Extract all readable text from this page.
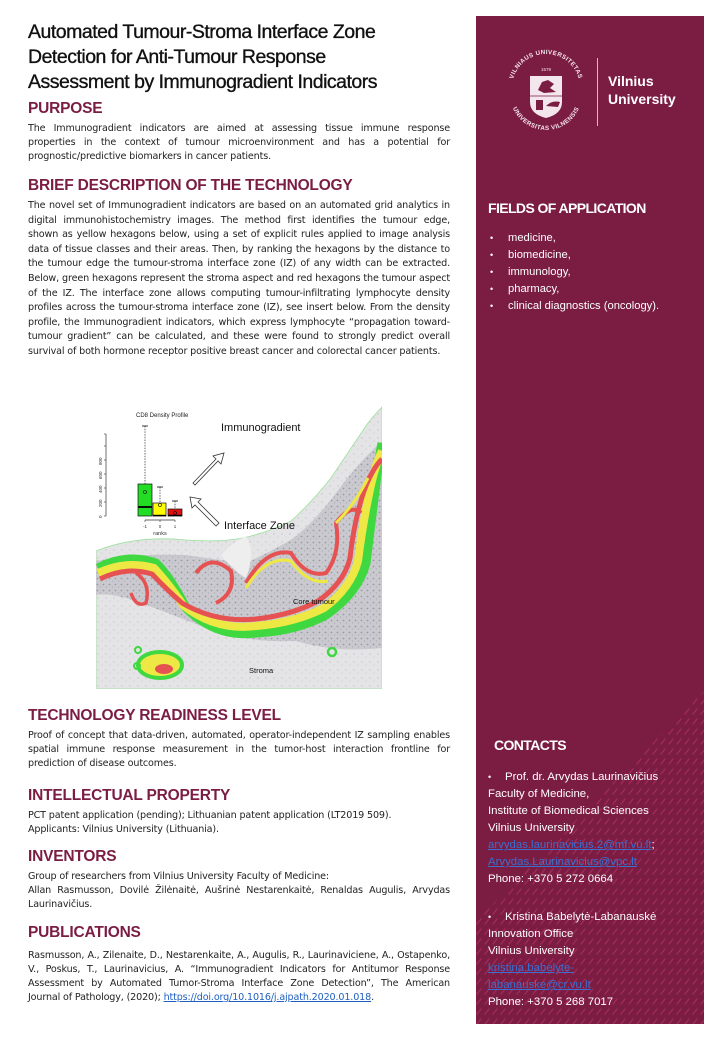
Automated Tumour-Stroma Interface Zone
Detection for Anti-Tumour Response
Assessment by Immunogradient Indicators
PURPOSE
The Immunogradient indicators are aimed at assessing tissue immune response properties in the context of tumour microenvironment and has a potential for prognostic/predictive biomarkers in cancer patients.
BRIEF DESCRIPTION OF THE TECHNOLOGY
The novel set of Immunogradient indicators are based on an automated grid analytics in digital immunohistochemistry images. The method first identifies the tumour edge, shown as yellow hexagons below, using a set of explicit rules applied to image analysis data of tissue classes and their areas. Then, by ranking the hexagons by the distance to the tumour edge the tumour-stroma interface zone (IZ) of any width can be extracted. Below, green hexagons represent the stroma aspect and red hexagons the tumour aspect of the IZ. The interface zone allows computing tumour-infiltrating lymphocyte density profiles across the tumour-stroma interface zone (IZ), see insert below. From the density profile, the Immunogradient indicators, which express lymphocyte “propagation toward-tumour gradient” can be calculated, and these were found to strongly predict overall survival of both hormone receptor positive breast cancer and colorectal cancer patients.
CD8 Density Profile
0
200
400
600
800
-1	0	1
ranks
Immunogradient
Interface Zone
Core tumour
Stroma
TECHNOLOGY READINESS LEVEL
Proof of concept that data-driven, automated, operator-independent IZ sampling enables spatial immune response measurement in the tumor-host interaction frontline for prediction of disease outcomes.
INTELLECTUAL PROPERTY
PCT patent application (pending); Lithuanian patent application (LT2019 509).
Applicants: Vilnius University (Lithuania).
INVENTORS
Group of researchers from Vilnius University Faculty of Medicine:
Allan Rasmusson, Dovilė Žilėnaitė, Aušrinė Nestarenkaitė, Renaldas Augulis, Arvydas Laurinavičius.
PUBLICATIONS
Rasmusson, A., Zilenaite, D., Nestarenkaite, A., Augulis, R., Laurinaviciene, A., Ostapenko, V., Poskus, T., Laurinavicius, A. “Immunogradient Indicators for Antitumor Response Assessment by Automated Tumor-Stroma Interface Zone Detection”, The American Journal of Pathology, (2020); https://doi.org/10.1016/j.ajpath.2020.01.018.
VILNIAUS UNIVERSITETAS
UNIVERSITAS VILNENSIS
1579
Vilnius
University
FIELDS OF APPLICATION
• medicine,
• biomedicine,
• immunology,
• pharmacy,
• clinical diagnostics (oncology).
CONTACTS
• Prof. dr. Arvydas Laurinavičius
Faculty of Medicine,
Institute of Biomedical Sciences
Vilnius University
arvydas.laurinavicius.2@mf.vu.lt;
Arvydas.Laurinavicius@vpc.lt
Phone: +370 5 272 0664
• Kristina Babelytė-Labanauskė
Innovation Office
Vilnius University
kristina.babelyte-
labanauske@cr.vu.lt
Phone: +370 5 268 7017
